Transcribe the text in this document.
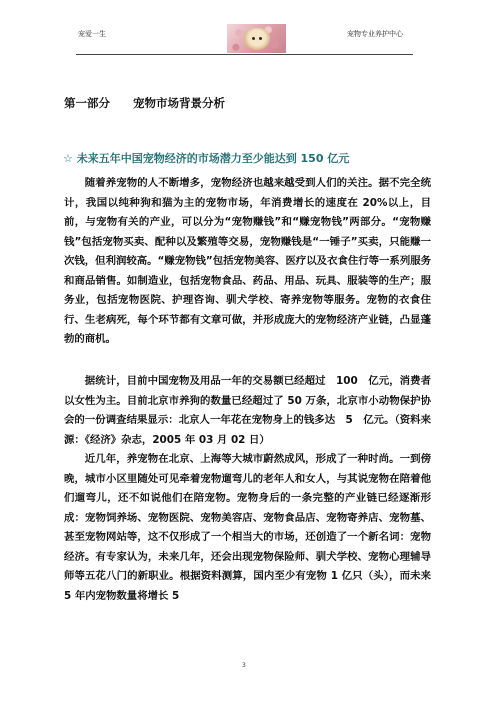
宠爱一生	宠物专业养护中心
第一部分　　宠物市场背景分析
☆ 未来五年中国宠物经济的市场潜力至少能达到 150 亿元

随着养宠物的人不断增多，宠物经济也越来越受到人们的关注。据不完全统计，我国以纯种狗和猫为主的宠物市场，年消费增长的速度在 20%以上，目前，与宠物有关的产业，可以分为“宠物赚钱”和“赚宠物钱”两部分。“宠物赚钱”包括宠物买卖、配种以及繁殖等交易，宠物赚钱是“一锤子”买卖，只能赚一次钱，但利润较高。“赚宠物钱”包括宠物美容、医疗以及衣食住行等一系列服务和商品销售。如制造业，包括宠物食品、药品、用品、玩具、服装等的生产；服务业，包括宠物医院、护理咨询、驯犬学校、寄养宠物等服务。宠物的衣食住行、生老病死，每个环节都有文章可做，并形成庞大的宠物经济产业链，凸显蓬勃的商机。

据统计，目前中国宠物及用品一年的交易额已经超过　100　亿元，消费者以女性为主。目前北京市养狗的数量已经超过了 50 万条，北京市小动物保护协会的一份调查结果显示：北京人一年花在宠物身上的钱多达　5　亿元。（资料来源：《经济》杂志，2005 年 03 月 02 日）

近几年，养宠物在北京、上海等大城市蔚然成风，形成了一种时尚。一到傍晚，城市小区里随处可见牵着宠物遛弯儿的老年人和女人，与其说宠物在陪着他们遛弯儿，还不如说他们在陪宠物。宠物身后的一条完整的产业链已经逐渐形成：宠物饲养场、宠物医院、宠物美容店、宠物食品店、宠物寄养店、宠物墓、甚至宠物网站等，这不仅形成了一个相当大的市场，还创造了一个新名词：宠物经济。有专家认为，未来几年，还会出现宠物保险师、驯犬学校、宠物心理辅导师等五花八门的新职业。根据资料测算，国内至少有宠物 1 亿只（头），而未来 5 年内宠物数量将增长 5

3
